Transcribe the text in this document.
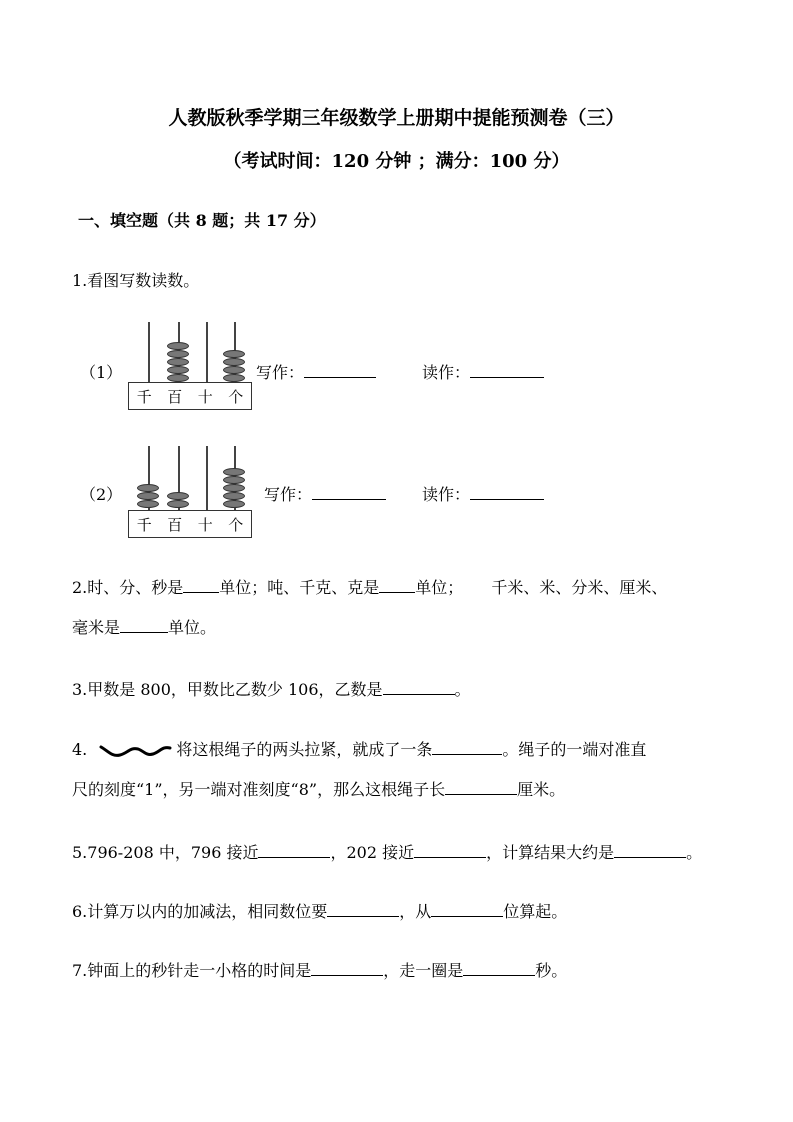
人教版秋季学期三年级数学上册期中提能预测卷（三）
（考试时间：120 分钟 ；满分：100 分）
一、填空题（共 8 题；共 17 分）
1.看图写数读数。
（1）
千 百 十 个
写作：	读作：
（2）
千 百 十 个
写作：	读作：
2.时、分、秒是 单位；吨、千克、克是 单位； 千米、米、分米、厘米、
毫米是	单位。
3.甲数是 800，甲数比乙数少 106，乙数是	。
4.	将这根绳子的两头拉紧，就成了一条	。绳子的一端对准直
尺的刻度“1”，另一端对准刻度“8”，那么这根绳子长	厘米。
5.796-208 中，796 接近	，202 接近	，计算结果大约是	。
6.计算万以内的加减法，相同数位要	，从	位算起。
7.钟面上的秒针走一小格的时间是	，走一圈是	秒。
